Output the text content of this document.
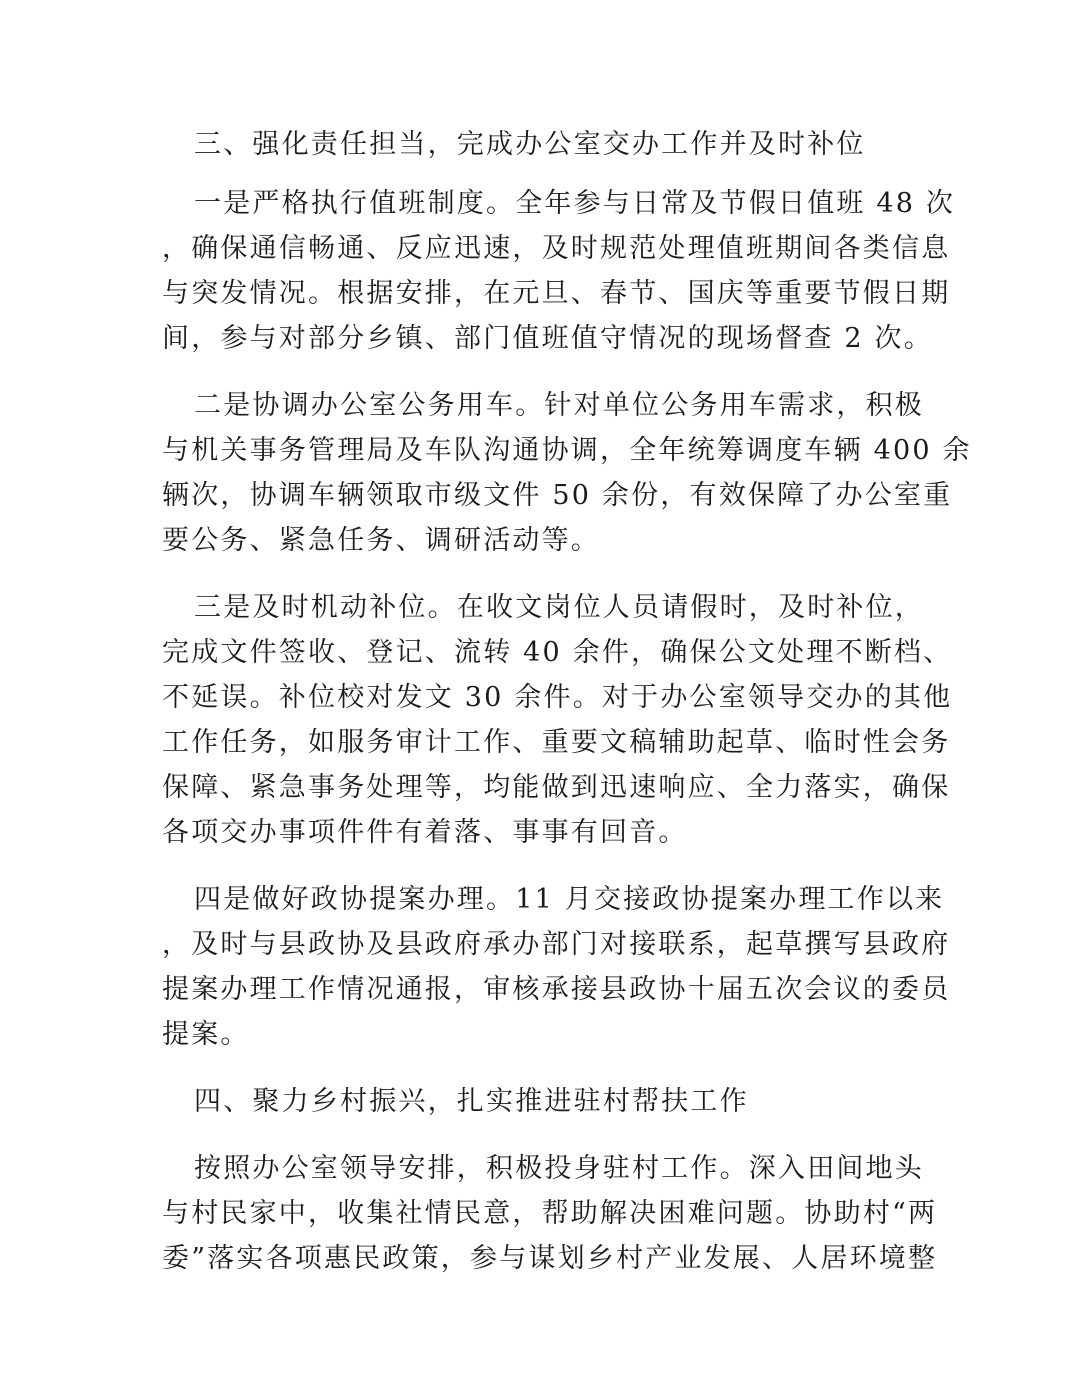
三、强化责任担当，完成办公室交办工作并及时补位
一是严格执行值班制度。全年参与日常及节假日值班 48 次
，确保通信畅通、反应迅速，及时规范处理值班期间各类信息
与突发情况。根据安排，在元旦、春节、国庆等重要节假日期
间，参与对部分乡镇、部门值班值守情况的现场督查 2 次。
二是协调办公室公务用车。针对单位公务用车需求，积极
与机关事务管理局及车队沟通协调，全年统筹调度车辆 400 余
辆次，协调车辆领取市级文件 50 余份，有效保障了办公室重
要公务、紧急任务、调研活动等。
三是及时机动补位。在收文岗位人员请假时，及时补位，
完成文件签收、登记、流转 40 余件，确保公文处理不断档、
不延误。补位校对发文 30 余件。对于办公室领导交办的其他
工作任务，如服务审计工作、重要文稿辅助起草、临时性会务
保障、紧急事务处理等，均能做到迅速响应、全力落实，确保
各项交办事项件件有着落、事事有回音。
四是做好政协提案办理。11 月交接政协提案办理工作以来
，及时与县政协及县政府承办部门对接联系，起草撰写县政府
提案办理工作情况通报，审核承接县政协十届五次会议的委员
提案。
四、聚力乡村振兴，扎实推进驻村帮扶工作
按照办公室领导安排，积极投身驻村工作。深入田间地头
与村民家中，收集社情民意，帮助解决困难问题。协助村“两
委”落实各项惠民政策，参与谋划乡村产业发展、人居环境整
